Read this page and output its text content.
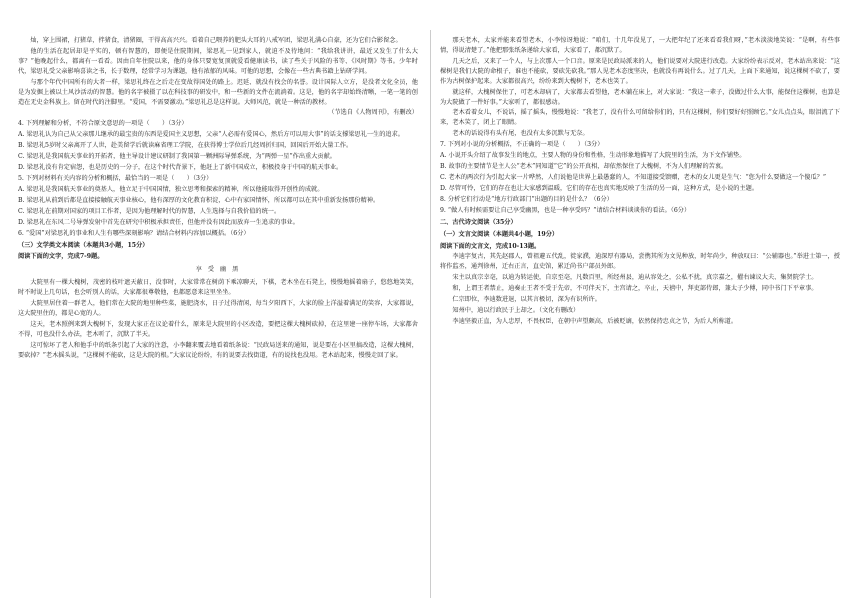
灿，穿上围裙，打猪草，拌猪食，清猪圈，干得高高兴兴。看着自己喂养的肥头大耳的八戒军团，梁思礼满心自豪，还为它们合影留念。

他的生活在起居却是平实的，顿有智慧的，即便是住院期间，梁思礼一见到家人，就迫不及待地问：“我给我讲讲，最近又发生了什么大事？”他晚起什么，都离有一看看。因由自年住院以来，他的身体只要宽复顶就爱看健康读书，读了些关于风险的书等、《风时期》等书。少年时代，梁思礼受父亲影响喜读之书，长于数理，经常学习为课题，他有浓郁的风味。可他的思想，会像在一些古典书籍上钻研学问。

与那个年代中国所有的大者一样，梁思礼终在之后走在变故得国处的路上。迟延、就没有找会的名誉。设计国际人立方，是没者文化全员，他是为发掘上被以土风沙活动的智慧。他的名字被摄了以在科技事的研发中，和一些新的文件在流淌着。这是，他的名字却始终清晰，一笔一笔的创造在无史金科族上。留在时代的注脚里。“爱国，不需要激动。”梁思礼总是这样说。大师风范，就是一种活的教材。

（节选自《人物周刊》，有删改）

4. 下列理解和分析，不符合原文意思的一项是（　　）（3分）

A. 梁思礼认为自己从父亲那儿继承的最宝贵的东西是爱国主义思想，父亲“人必需有爱国心，然后方可以用大事”的话支撑梁思礼一生的追求。

B. 梁思礼5岁时父亲离开了人世，赴美留学后就读麻省理工学院，在获得博士学位后几经周折归国，回国后开始大量工作。

C. 梁思礼是我国航天事业的开拓者，他主导设计建议研制了我国第一颗洲际导弹系统，为“两弹一星”作出重大贡献。

D. 梁思礼没有肯定宿怨，也是历史的一分子，在这个时代背景下，他赶上了新中国成立，积极投身于中国的航天事业。

5. 下列对材料有关内容的分析和概括，最恰当的一项是（　　）（3分）

A. 梁思礼是我国航天事业的奠基人，他立足于中国国情，独立思考和探索的精神，所以他能取得开创性的成就。

B. 梁思礼从前到后都是直接接触航天事业核心，他有深厚的文化教育积淀，心中有家国情怀，所以都可以在其中重新发扬那份精神。

C. 梁思礼在前期对国家的项目工作者，是因为他理解时代的智慧，人生选择与自我价值的统一。

D. 梁思礼在东风二号导弹发射中首先在研究中积极承担责任，但他并没有因此而放弃一生追求的事业。

6. “爱国”对梁思礼的事业和人生有哪些深刻影响？请结合材料内容加以概括。（6分）

（三）文学类文本阅读（本题共3小题，15分）
阅读下面的文字，完成7-9题。
享 受 幽 黑

大院里有一棵大槐树，茂密的枝叶遮天蔽日，没事时，大家常常在树荫下乘凉聊天，下棋，老木坐在石凳上，慢慢地摇着扇子，悠悠地笑笑，时不时说上几句话，也会听别人的话，大家都很尊敬他，也都愿意来这里坐坐。

大院里居住着一群老人，他们常在大院的地里种些菜，施肥浇水，日子过得清闲，每当夕阳西下，大家的脸上洋溢着满足的笑容，大家都说，这大院里住的，都是心宽的人。

这天，老木照例来到大槐树下，发现大家正在议论着什么，原来是大院里的小区改造，要把这棵大槐树砍掉，在这里建一座停车场，大家都舍不得，可也没什么办法，老木听了，沉默了半天。

这可惊坏了老人和他手中的纸条引起了大家的注意，小李翻来覆去地看着纸条说：“民政局送来的通知，说是要在小区里搞改造，这棵大槐树，要砍掉？”老木摇头说，“这棵树不能砍，这是大院的根。”大家议论纷纷，有的说要去找街道，有的说找也没用。老木站起来，慢慢走回了家。

那天老木，太家并能来看望老木，小李惊讶地说：“咱们，十几年没见了，一大把年纪了还来看看我们呀，”老木淡淡地笑说：“是啊，有些事情，得说清楚了。”他把那张纸条递给大家看，大家看了，都沉默了。

几天之后，又来了一个人，与上次那人一个口音。原来是民政局派来的人，他们说要对大院进行改造。大家纷纷表示反对，老木站出来说：“这棵树是我们大院的命根子，谁也不能砍，要砍先砍我。”那人见老木态度坚决，也就没有再说什么。过了几天，上面下来通知，说这棵树不砍了，要作为古树保护起来。大家都很高兴，纷纷来到大槐树下，老木也笑了。

就这样，大槐树保住了，可老木却病了，大家都去看望他，老木躺在床上，对大家说：“我这一辈子，没做过什么大事，能保住这棵树，也算是为大院做了一件好事。”大家听了，都很感动。

老木看着女儿，不说话，摇了摇头，慢慢地说：“我老了，没有什么可留给你们的，只有这棵树，你们要好好照顾它。”女儿点点头，眼泪流了下来，老木笑了，闭上了眼睛。

老木的话说得有头有尾，也没有太多沉默与无奈。

7. 下列对小说的分析概括，不正确的一项是（　　）（3分）

A. 小说开头介绍了故事发生的地点，主要人物的身份和性格，生动形象地描写了大院里的生活，为下文作铺垫。

B. 故事的主要情节是主人公“老木”同知道“它”的公开真相，却依然保住了大槐树，不为人们理解的苦衷。

C. 老木的两次行为引起大家一片哗然，人们说他是世界上最愚蠢的人，不知道接受馈赠，老木的女儿更是生气：“您为什么要做这一个傻瓜？”

D. 尽管可怜，它们的存在也让大家感到温暖，它们的存在也真实地反映了生活的另一面，这种方式，是小说的主题。

8. 分析它们行动是“地方行政部门”出题的目的是什么？（6分）

9. “做人有时候需要让自己享受幽黑，也是一种享受吗？”请结合材料谈谈你的看法。（6分）

二、古代诗文阅读（35分）
（一）文言文阅读（本题共4小题，19分）
阅读下面的文言文，完成10-13题。

李迪字复古，其先赵郡人，曾祖避五代乱，徙家濮，迪深厚有器局，尝携其所为文见种放，时年尚少，种放叹曰：“公辅器也。”举进士第一，授将作监丞，通判徐州，迁右正言，直史馆，累迁尚书户部员外郎。

宋主以真宗幸亳，以迪为转运使，自京至亳，凡数百里，所经州县，迪从容处之，公私不扰，真宗嘉之，擢右谏议大夫、集贤院学士。

和，上谓王者禁止，迪奏止王者不受于先帝，不可伴天下，主宫请之，卒止，天禧中，拜吏部侍郎，兼太子少傅，同中书门下平章事。

仁宗即位，李迪数进退，以其言极切，深为有识所许。

知州中，迪以行政民于上却之。（文化有删改）

李迪坚毅正直，为人忠厚，不畏权臣，在朝中声望颇高，后被贬谪，依然保持忠贞之节，为后人所称道。
